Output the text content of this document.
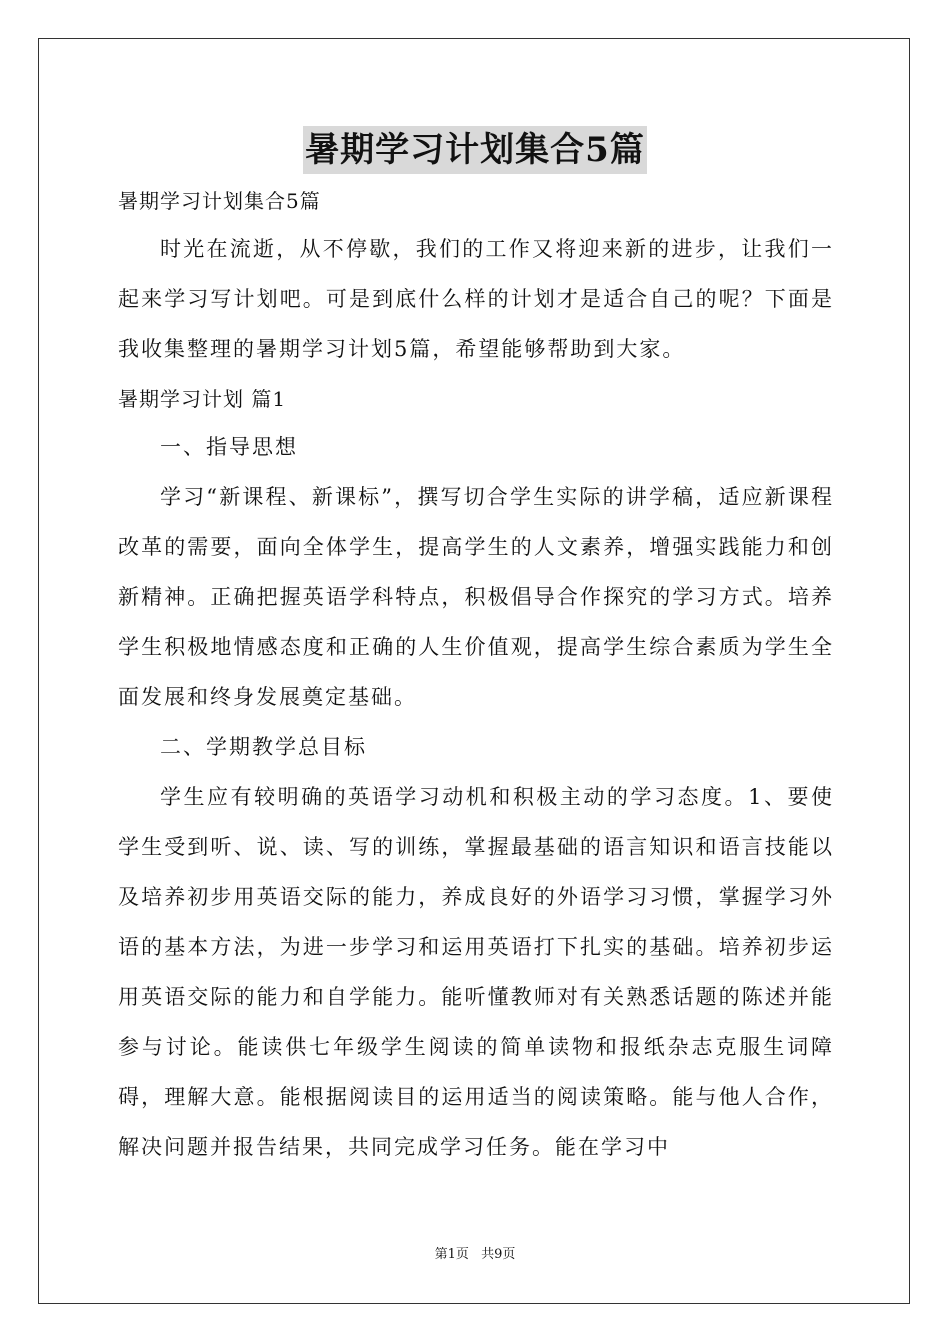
暑期学习计划集合5篇

暑期学习计划集合5篇

时光在流逝，从不停歇，我们的工作又将迎来新的进步，让我们一起来学习写计划吧。可是到底什么样的计划才是适合自己的呢？下面是我收集整理的暑期学习计划5篇，希望能够帮助到大家。

暑期学习计划 篇1

一、指导思想

学习“新课程、新课标”，撰写切合学生实际的讲学稿，适应新课程改革的需要，面向全体学生，提高学生的人文素养，增强实践能力和创新精神。正确把握英语学科特点，积极倡导合作探究的学习方式。培养学生积极地情感态度和正确的人生价值观，提高学生综合素质为学生全面发展和终身发展奠定基础。

二、学期教学总目标

学生应有较明确的英语学习动机和积极主动的学习态度。1、要使学生受到听、说、读、写的训练，掌握最基础的语言知识和语言技能以及培养初步用英语交际的能力，养成良好的外语学习习惯，掌握学习外语的基本方法，为进一步学习和运用英语打下扎实的基础。培养初步运用英语交际的能力和自学能力。能听懂教师对有关熟悉话题的陈述并能参与讨论。能读供七年级学生阅读的简单读物和报纸杂志克服生词障碍，理解大意。能根据阅读目的运用适当的阅读策略。能与他人合作，解决问题并报告结果，共同完成学习任务。能在学习中

第1页 共9页
